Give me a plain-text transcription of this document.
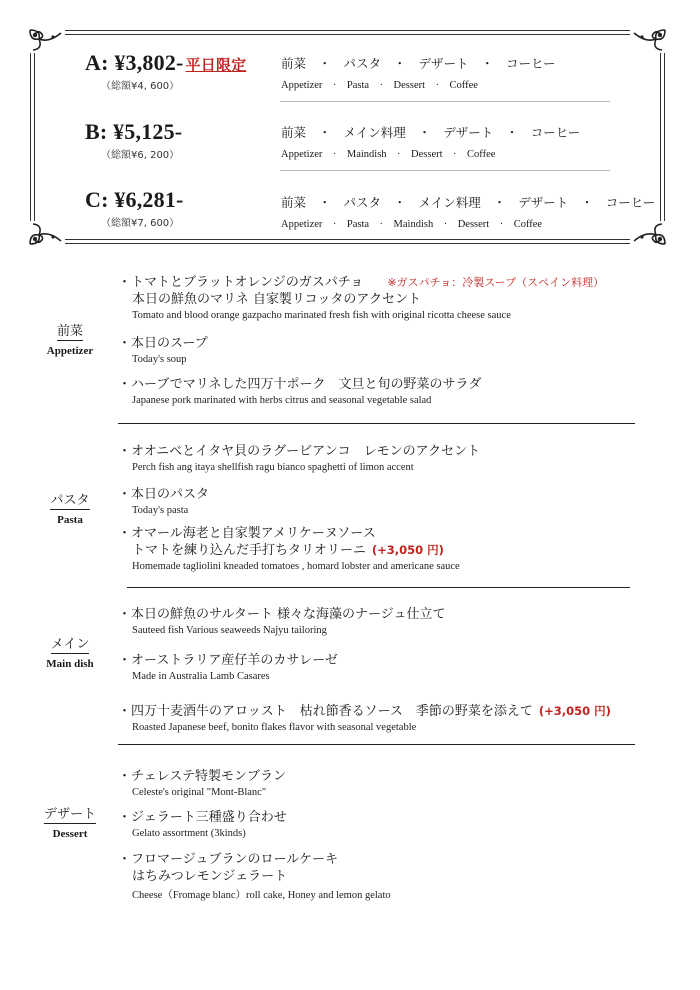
A: ¥3,802- 平日限定
（総額¥4, 600）
前菜　・　パスタ　・　デザート　・　コーヒー
Appetizer　·　Pasta　·　Dessert　·　Coffee
B: ¥5,125-
（総額¥6, 200）
前菜　・　メイン料理　・　デザート　・　コーヒー
Appetizer　·　Maindish　·　Dessert　·　Coffee
C: ¥6,281-
（総額¥7, 600）
前菜　・　パスタ　・　メイン料理　・　デザート　・　コーヒー
Appetizer　·　Pasta　·　Maindish　·　Dessert　·　Coffee
前菜
Appetizer
・トマトとブラットオレンジのガスパチョ ※ガスパチョ：冷製スープ（スペイン料理）
本日の鮮魚のマリネ 自家製リコッタのアクセント
Tomato and blood orange gazpacho marinated fresh fish with original ricotta cheese sauce
・本日のスープ
Today's soup
・ハーブでマリネした四万十ポーク　文旦と旬の野菜のサラダ
Japanese pork marinated with herbs citrus and seasonal vegetable salad
パスタ
Pasta
・オオニベとイタヤ貝のラグービアンコ　レモンのアクセント
Perch fish ang itaya shellfish ragu bianco spaghetti of limon accent
・本日のパスタ
Today's pasta
・オマール海老と自家製アメリケーヌソース
トマトを練り込んだ手打ちタリオリーニ (+3,050 円)
Homemade tagliolini kneaded tomatoes , homard lobster and americane sauce
メイン
Main dish
・本日の鮮魚のサルタート 様々な海藻のナージュ仕立て
Sauteed fish Various seaweeds Najyu tailoring
・オーストラリア産仔羊のカサレーゼ
Made in Australia Lamb Casares
・四万十麦酒牛のアロッスト　枯れ節香るソース　季節の野菜を添えて (+3,050 円)
Roasted Japanese beef, bonito flakes flavor with seasonal vegetable
デザート
Dessert
・チェレステ特製モンブラン
Celeste's original "Mont-Blanc"
・ジェラート三種盛り合わせ
Gelato assortment (3kinds)
・フロマージュブランのロールケーキ
はちみつレモンジェラート
Cheese（Fromage blanc）roll cake, Honey and lemon gelato
